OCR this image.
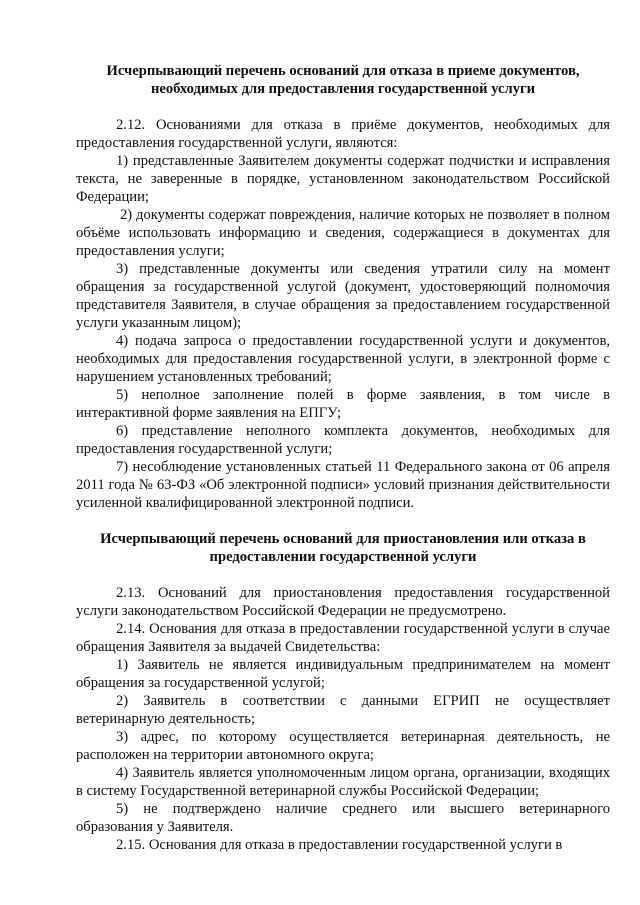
Исчерпывающий перечень оснований для отказа в приеме документов, необходимых для предоставления государственной услуги

2.12. Основаниями для отказа в приёме документов, необходимых для предоставления государственной услуги, являются:

1) представленные Заявителем документы содержат подчистки и исправления текста, не заверенные в порядке, установленном законодательством Российской Федерации;

2) документы содержат повреждения, наличие которых не позволяет в полном объёме использовать информацию и сведения, содержащиеся в документах для предоставления услуги;

3) представленные документы или сведения утратили силу на момент обращения за государственной услугой (документ, удостоверяющий полномочия представителя Заявителя, в случае обращения за предоставлением государственной услуги указанным лицом);

4) подача запроса о предоставлении государственной услуги и документов, необходимых для предоставления государственной услуги, в электронной форме с нарушением установленных требований;

5) неполное заполнение полей в форме заявления, в том числе в интерактивной форме заявления на ЕПГУ;

6) представление неполного комплекта документов, необходимых для предоставления государственной услуги;

7) несоблюдение установленных статьей 11 Федерального закона от 06 апреля 2011 года № 63-ФЗ «Об электронной подписи» условий признания действительности усиленной квалифицированной электронной подписи.

Исчерпывающий перечень оснований для приостановления или отказа в предоставлении государственной услуги

2.13. Оснований для приостановления предоставления государственной услуги законодательством Российской Федерации не предусмотрено.

2.14. Основания для отказа в предоставлении государственной услуги в случае обращения Заявителя за выдачей Свидетельства:

1) Заявитель не является индивидуальным предпринимателем на момент обращения за государственной услугой;

2) Заявитель в соответствии с данными ЕГРИП не осуществляет ветеринарную деятельность;

3) адрес, по которому осуществляется ветеринарная деятельность, не расположен на территории автономного округа;

4) Заявитель является уполномоченным лицом органа, организации, входящих в систему Государственной ветеринарной службы Российской Федерации;

5) не подтверждено наличие среднего или высшего ветеринарного образования у Заявителя.

2.15. Основания для отказа в предоставлении государственной услуги в
